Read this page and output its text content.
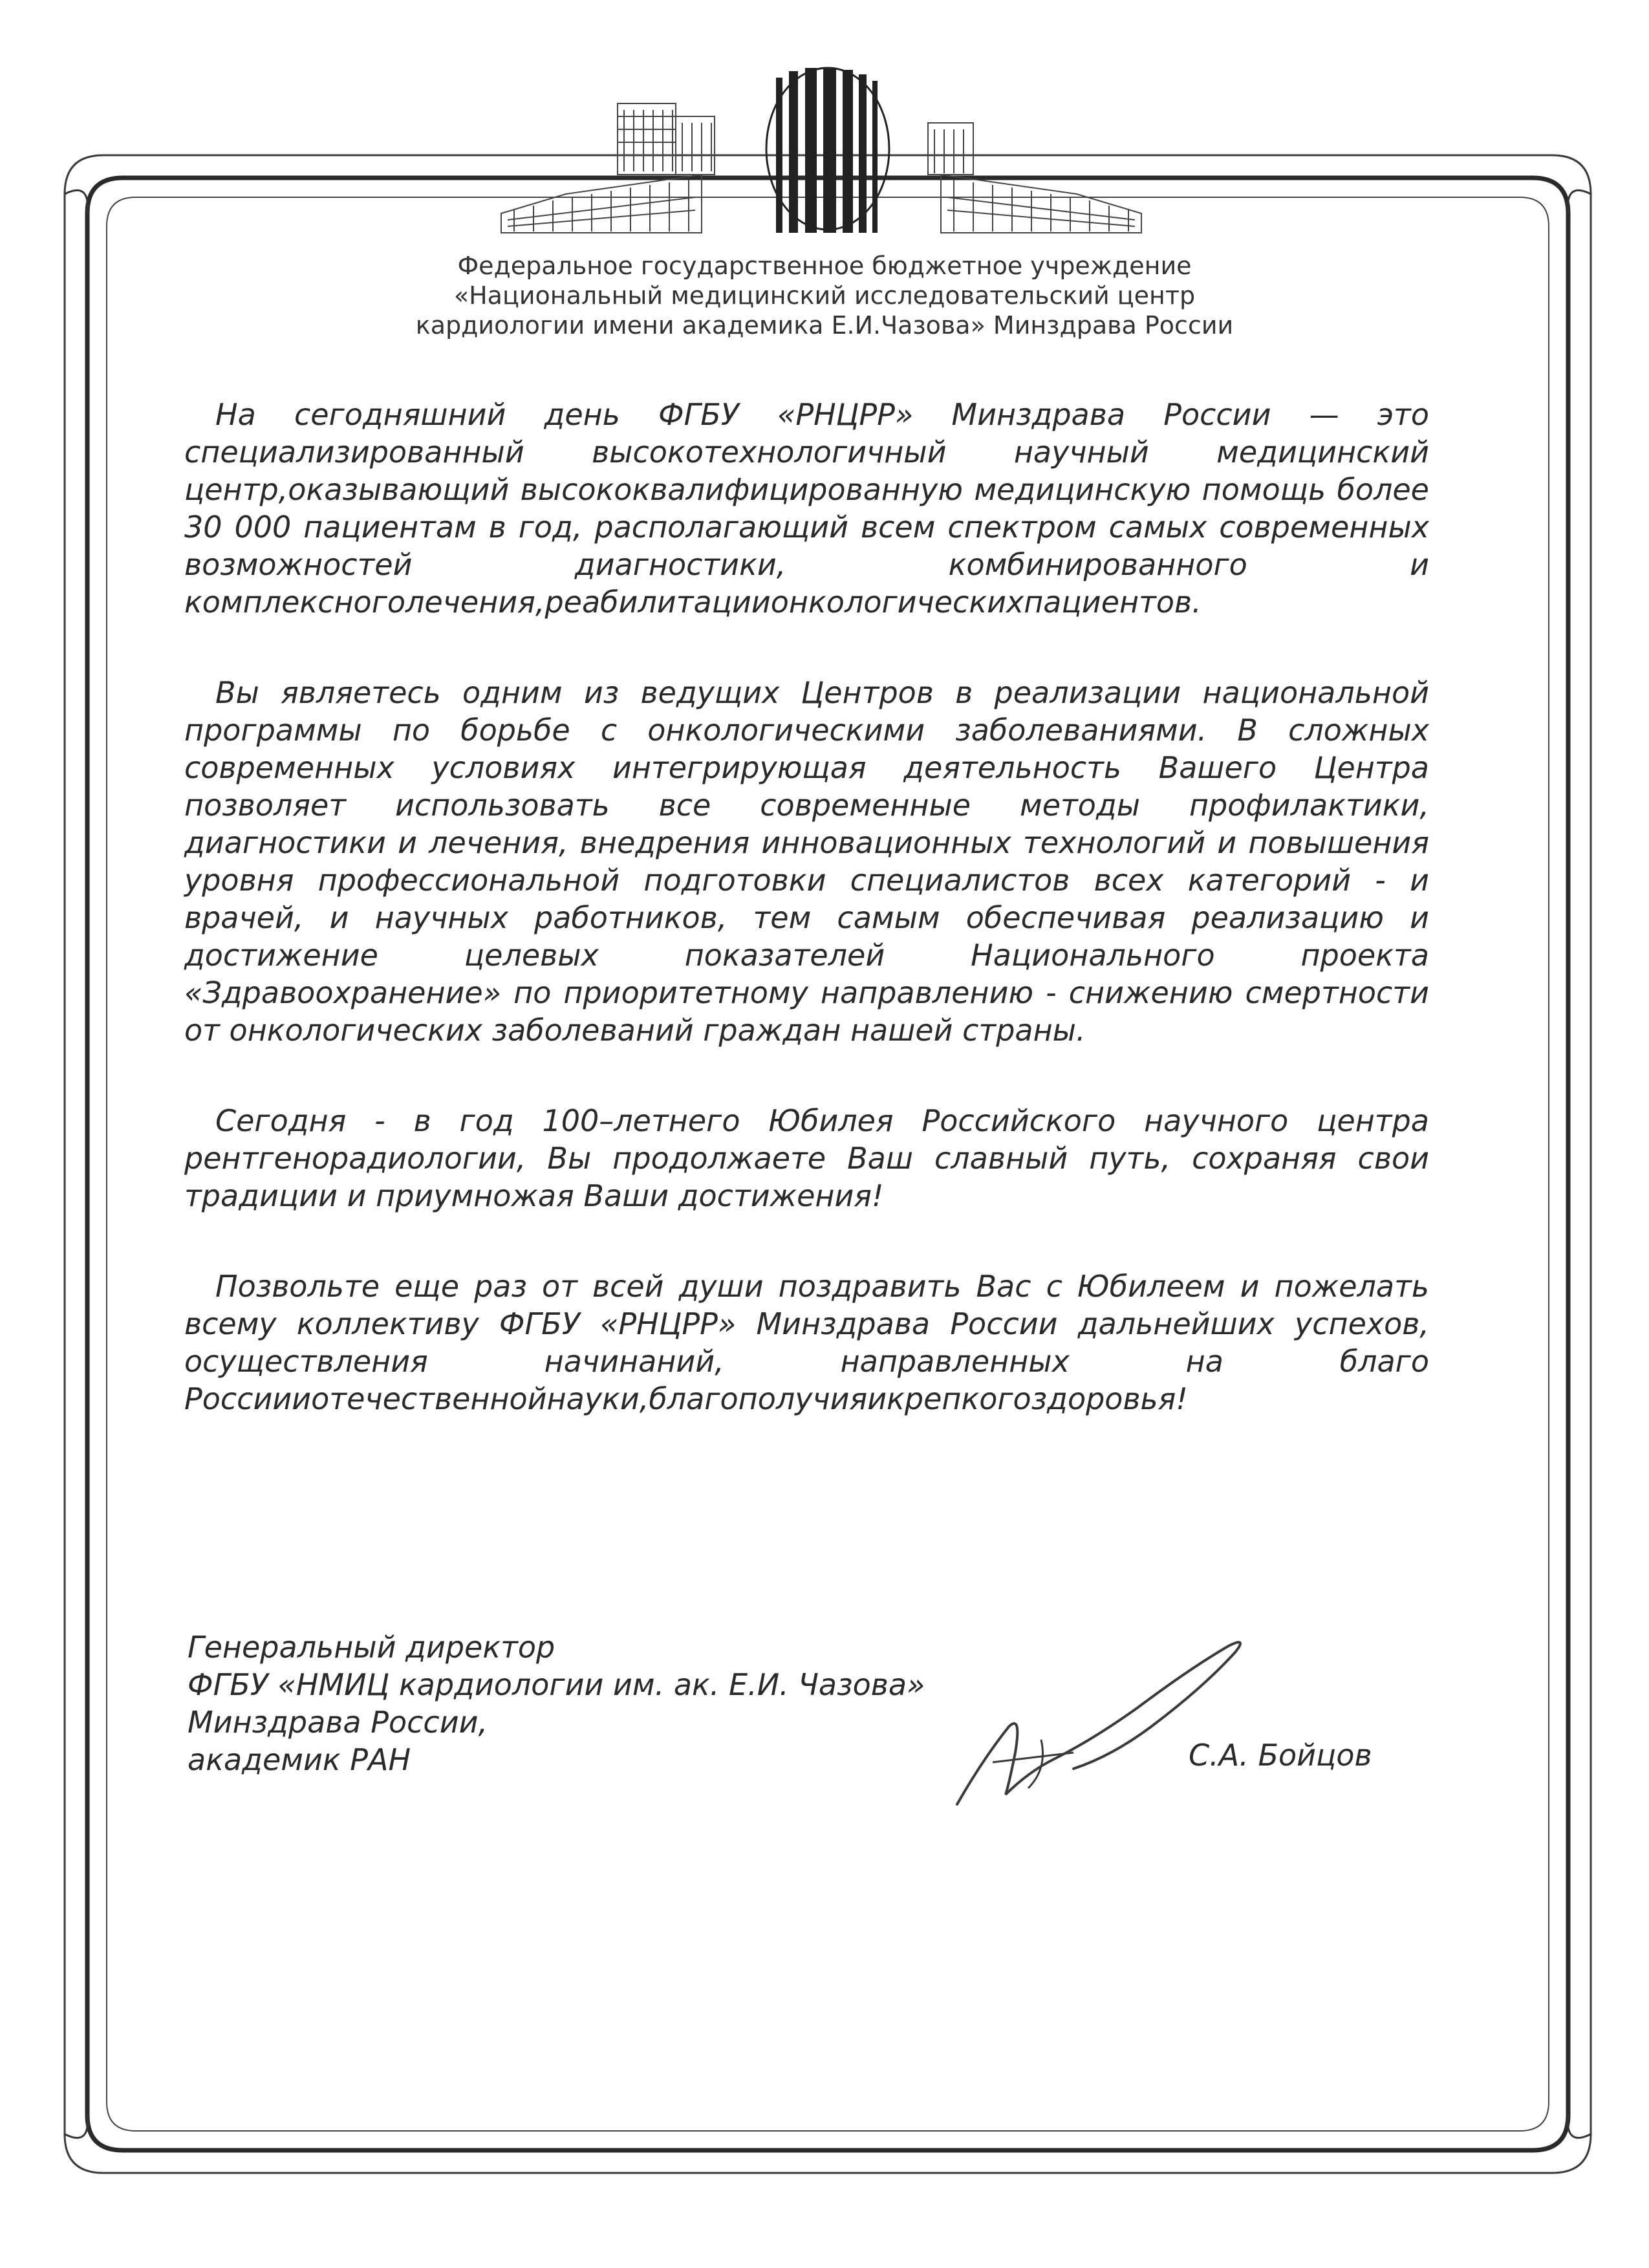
Федеральное государственное бюджетное учреждение
«Национальный медицинский исследовательский центр
кардиологии имени академика Е.И.Чазова» Минздрава России

На сегодняшний день ФГБУ «РНЦРР» Минздрава России — это специализированный высокотехнологичный научный медицинский центр,оказывающий высококвалифицированную медицинскую помощь более 30 000 пациентам в год, располагающий всем спектром самых современных возможностей диагностики, комбинированного и комплексноголечения,реабилитациионкологическихпациентов.

Вы являетесь одним из ведущих Центров в реализации национальной программы по борьбе с онкологическими заболеваниями. В сложных современных условиях интегрирующая деятельность Вашего Центра позволяет использовать все современные методы профилактики, диагностики и лечения, внедрения инновационных технологий и повышения уровня профессиональной подготовки специалистов всех категорий - и врачей, и научных работников, тем самым обеспечивая реализацию и достижение целевых показателей Национального проекта «Здравоохранение» по приоритетному направлению - снижению смертности от онкологических заболеваний граждан нашей страны.

Сегодня - в год 100–летнего Юбилея Российского научного центра рентгенорадиологии, Вы продолжаете Ваш славный путь, сохраняя свои традиции и приумножая Ваши достижения!

Позвольте еще раз от всей души поздравить Вас с Юбилеем и пожелать всему коллективу ФГБУ «РНЦРР» Минздрава России дальнейших успехов, осуществления начинаний, направленных на благо Россиииотечественнойнауки,благополучияикрепкогоздоровья!

Генеральный директор
ФГБУ «НМИЦ кардиологии им. ак. Е.И. Чазова»
Минздрава России,
академик РАН	С.А. Бойцов
